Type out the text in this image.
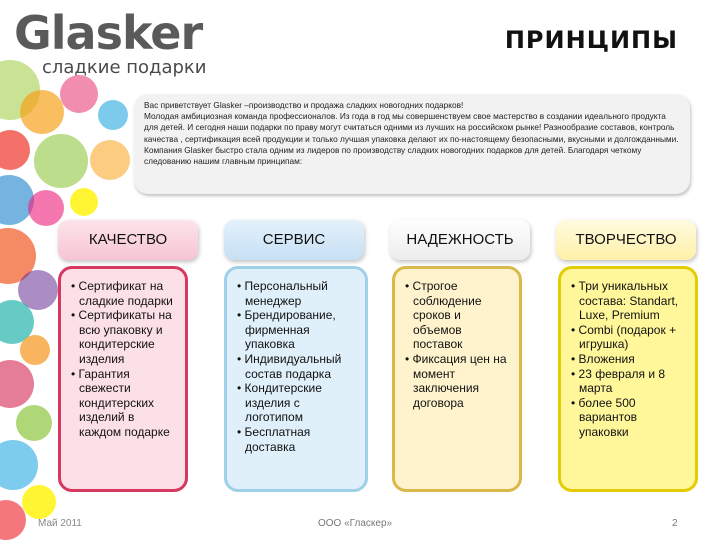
Glasker
сладкие подарки
ПРИНЦИПЫ

Вас приветствует Glasker –производство и продажа сладких новогодних подарков!

Молодая амбициозная команда профессионалов. Из года в год мы совершенствуем свое мастерство в создании идеального продукта для детей. И сегодня наши подарки по праву могут считаться одними из лучших на российском рынке! Разнообразие составов, контроль качества , сертификация всей продукции и только лучшая упаковка делают их по-настоящему безопасными, вкусными и долгожданными.

Компания Glasker быстро стала одним из лидеров по производству сладких новогодних подарков для детей. Благодаря четкому следованию нашим главным принципам:

КАЧЕСТВО	СЕРВИС	НАДЕЖНОСТЬ	ТВОРЧЕСТВО
• Сертификат на сладкие подарки
• Сертификаты на всю упаковку и кондитерские изделия
• Гарантия свежести кондитерских изделий в каждом подарке
• Персональный менеджер
• Брендирование, фирменная упаковка
• Индивидуальный состав подарка
• Кондитерские изделия с логотипом
• Бесплатная доставка
• Строгое соблюдение сроков и объемов поставок
• Фиксация цен на момент заключения договора
• Три уникальных состава: Standart, Luxe, Premium
• Combi (подарок + игрушка)
• Вложения
• 23 февраля и 8 марта
• более 500 вариантов упаковки
Май 2011	ООО «Гласкер»	2
